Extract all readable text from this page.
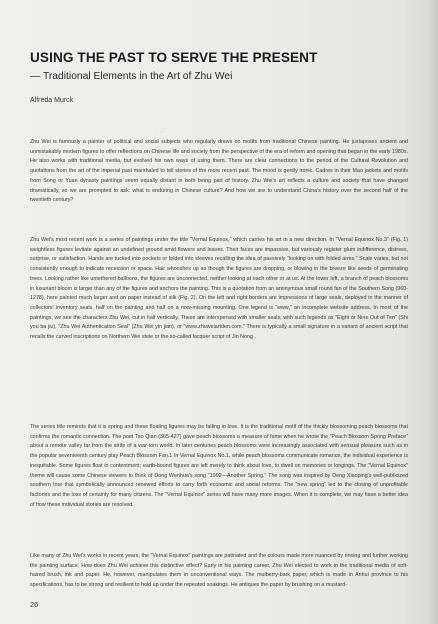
USING THE PAST TO SERVE THE PRESENT
— Traditional Elements in the Art of Zhu Wei
Alfreda Murck
·   ‚ ˉ

Zhu Wei is famously a painter of political and social subjects who regularly draws on motifs from traditional Chinese painting. He juxtaposes ancient and unmistakably modern figures to offer reflections on Chinese life and society from the perspective of the era of reform and opening that began in the early 1980s. He also works with traditional media, but evolved his own ways of using them. There are clear connections to the period of the Cultural Revolution and quotations from the art of the imperial past marshaled to tell stories of the more recent past. The mood is gently ironic. Cadres in their Mao jackets and motifs from Song or Yuan dynasty paintings seem equally distant in both being part of history. Zhu Wei's art reflects a culture and society that have changed dramatically, so we are prompted to ask: what is enduring in Chinese culture? And how we are to understand China's history over the second half of the twentieth century?

Zhu Wei's most recent work is a series of paintings under the title "Vernal Equinox," which carries his art in a new direction. In "Vernal Equinox No.3" (Fig. 1) weightless figures levitate against an undefined ground amid flowers and leaves. Their faces are impassive, but variously register glum indifference, distress, surprise, or satisfaction. Hands are tucked into pockets or folded into sleeves recalling the idea of passively "looking on with folded arms." Scale varies, but not consistently enough to indicate recession or space. Hair whooshes up as though the figures are dropping, or blowing in the breeze like seeds of germinating trees. Looking rather like untethered balloons, the figures are unconnected, neither looking at each other or at us. At the lower left, a branch of peach blossoms in luxuriant bloom is larger than any of the figures and anchors the painting. This is a quotation from an anonymous small round fan of the Southern Song (960-1278), here painted much larger and on paper instead of silk (Fig. 2). On the left and right borders are impressions of large seals, deployed in the manner of collectors' inventory seals, half on the painting and half on a now-missing mounting. One legend is "www," an incomplete website address. In most of the paintings, we see the characters Zhu Wei, cut in half vertically. These are interspersed with smaller seals, with such legends as "Eight or Nine Out of Ten" (Shi you ba jiu), "Zhu Wei Authentication Seal" (Zhu Wei yin jian), or "www.zhuweiartden.com." There is typically a small signature in a variant of ancient script that recalls the carved inscriptions on Northern Wei stele or the so-called lacquer script of Jin Nong .

The series title reminds that it is spring and these floating figures may be falling in love. It is the traditional motif of the thickly blossoming peach blossoms that confirms the romantic connection. The poet Tao Qian (365-427) gave peach blossoms a measure of fame when he wrote the "Peach Blossom Spring Preface" about a remote valley far from the strife of a war-torn world. In later centuries peach blossoms were increasingly associated with sensual pleasure such as in the popular seventeenth century play Peach Blossom Fan.1 In Vernal Equinox No.1, while peach blossoms communicate romance, the individual experience is inequitable. Some figures float in contentment; earth-bound figures are left merely to think about love, to dwell on memories or longings. The "Vernal Equinox" theme will cause some Chinese viewers to think of Dong Wenhua's song "1992—Another Spring." The song was inspired by Deng Xiaoping's well-publicized southern tour that symbolically announced renewed efforts to carry forth economic and social reforms. The "new spring" led to the closing of unprofitable factories and the loss of certainty for many citizens. The "Vernal Equinox" series will have many more images. When it is complete, we may have a better idea of how these individual stories are resolved.

Like many of Zhu Wei's works in recent years, the "Vernal Equinox" paintings are patinated and the colours made more nuanced by rinsing and further working the painting surface. How does Zhu Wei achieve this distinctive effect? Early in his painting career, Zhu Wei elected to work in the traditional media of soft-haired brush, ink and paper. He, however, manipulates them in unconventional ways. The mulberry-bark paper, which is made in Anhui province to his specifications, has to be strong and resilient to hold up under the repeated soakings. He antiques the paper by brushing on a mustard-

26
